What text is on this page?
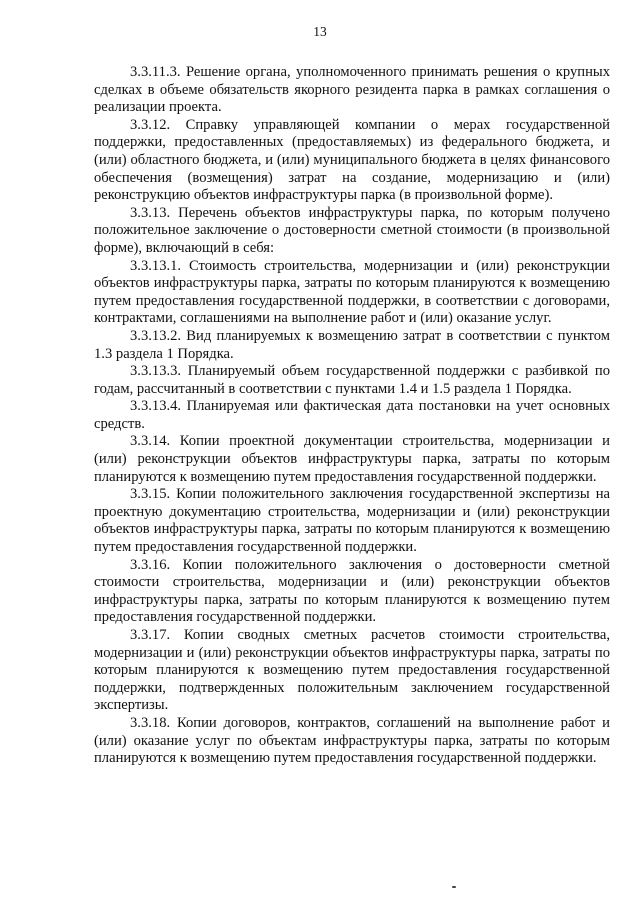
13

3.3.11.3. Решение органа, уполномоченного принимать решения о крупных сделках в объеме обязательств якорного резидента парка в рамках соглашения о реализации проекта.

3.3.12. Справку управляющей компании о мерах государственной поддержки, предоставленных (предоставляемых) из федерального бюджета, и (или) областного бюджета, и (или) муниципального бюджета в целях финансового обеспечения (возмещения) затрат на создание, модернизацию и (или) реконструкцию объектов инфраструктуры парка (в произвольной форме).

3.3.13. Перечень объектов инфраструктуры парка, по которым получено положительное заключение о достоверности сметной стоимости (в произвольной форме), включающий в себя:

3.3.13.1. Стоимость строительства, модернизации и (или) реконструкции объектов инфраструктуры парка, затраты по которым планируются к возмещению путем предоставления государственной поддержки, в соответствии с договорами, контрактами, соглашениями на выполнение работ и (или) оказание услуг.

3.3.13.2. Вид планируемых к возмещению затрат в соответствии с пунктом 1.3 раздела 1 Порядка.

3.3.13.3. Планируемый объем государственной поддержки с разбивкой по годам, рассчитанный в соответствии с пунктами 1.4 и 1.5 раздела 1 Порядка.

3.3.13.4. Планируемая или фактическая дата постановки на учет основных средств.

3.3.14. Копии проектной документации строительства, модернизации и (или) реконструкции объектов инфраструктуры парка, затраты по которым планируются к возмещению путем предоставления государственной поддержки.

3.3.15. Копии положительного заключения государственной экспертизы на проектную документацию строительства, модернизации и (или) реконструкции объектов инфраструктуры парка, затраты по которым планируются к возмещению путем предоставления государственной поддержки.

3.3.16. Копии положительного заключения о достоверности сметной стоимости строительства, модернизации и (или) реконструкции объектов инфраструктуры парка, затраты по которым планируются к возмещению путем предоставления государственной поддержки.

3.3.17. Копии сводных сметных расчетов стоимости строительства, модернизации и (или) реконструкции объектов инфраструктуры парка, затраты по которым планируются к возмещению путем предоставления государственной поддержки, подтвержденных положительным заключением государственной экспертизы.

3.3.18. Копии договоров, контрактов, соглашений на выполнение работ и (или) оказание услуг по объектам инфраструктуры парка, затраты по которым планируются к возмещению путем предоставления государственной поддержки.
